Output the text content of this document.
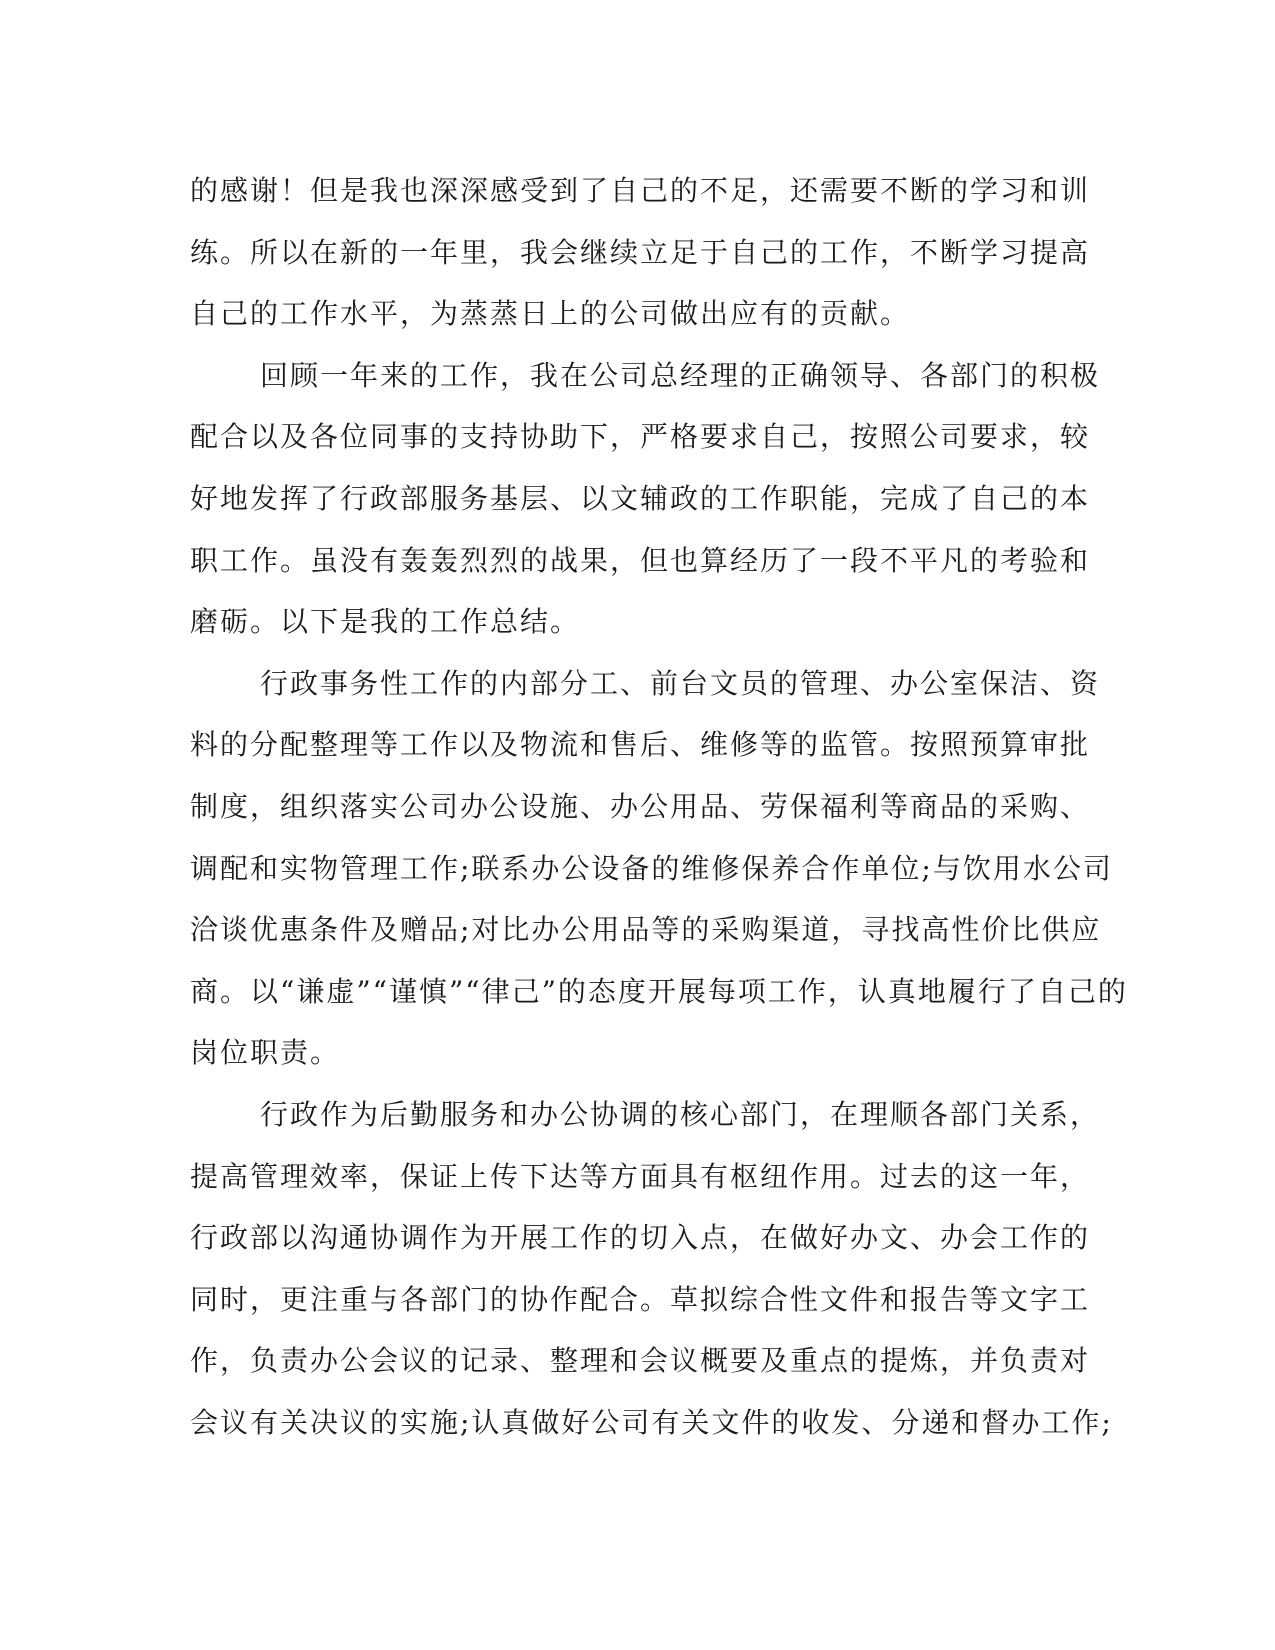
的感谢！但是我也深深感受到了自己的不足，还需要不断的学习和训
练。所以在新的一年里，我会继续立足于自己的工作，不断学习提高
自己的工作水平，为蒸蒸日上的公司做出应有的贡献。
回顾一年来的工作，我在公司总经理的正确领导、各部门的积极
配合以及各位同事的支持协助下，严格要求自己，按照公司要求，较
好地发挥了行政部服务基层、以文辅政的工作职能，完成了自己的本
职工作。虽没有轰轰烈烈的战果，但也算经历了一段不平凡的考验和
磨砺。以下是我的工作总结。
行政事务性工作的内部分工、前台文员的管理、办公室保洁、资
料的分配整理等工作以及物流和售后、维修等的监管。按照预算审批
制度，组织落实公司办公设施、办公用品、劳保福利等商品的采购、
调配和实物管理工作;联系办公设备的维修保养合作单位;与饮用水公司
洽谈优惠条件及赠品;对比办公用品等的采购渠道，寻找高性价比供应
商。以“谦虚”“谨慎”“律己”的态度开展每项工作，认真地履行了自己的
岗位职责。
行政作为后勤服务和办公协调的核心部门，在理顺各部门关系，
提高管理效率，保证上传下达等方面具有枢纽作用。过去的这一年，
行政部以沟通协调作为开展工作的切入点，在做好办文、办会工作的
同时，更注重与各部门的协作配合。草拟综合性文件和报告等文字工
作，负责办公会议的记录、整理和会议概要及重点的提炼，并负责对
会议有关决议的实施;认真做好公司有关文件的收发、分递和督办工作;
